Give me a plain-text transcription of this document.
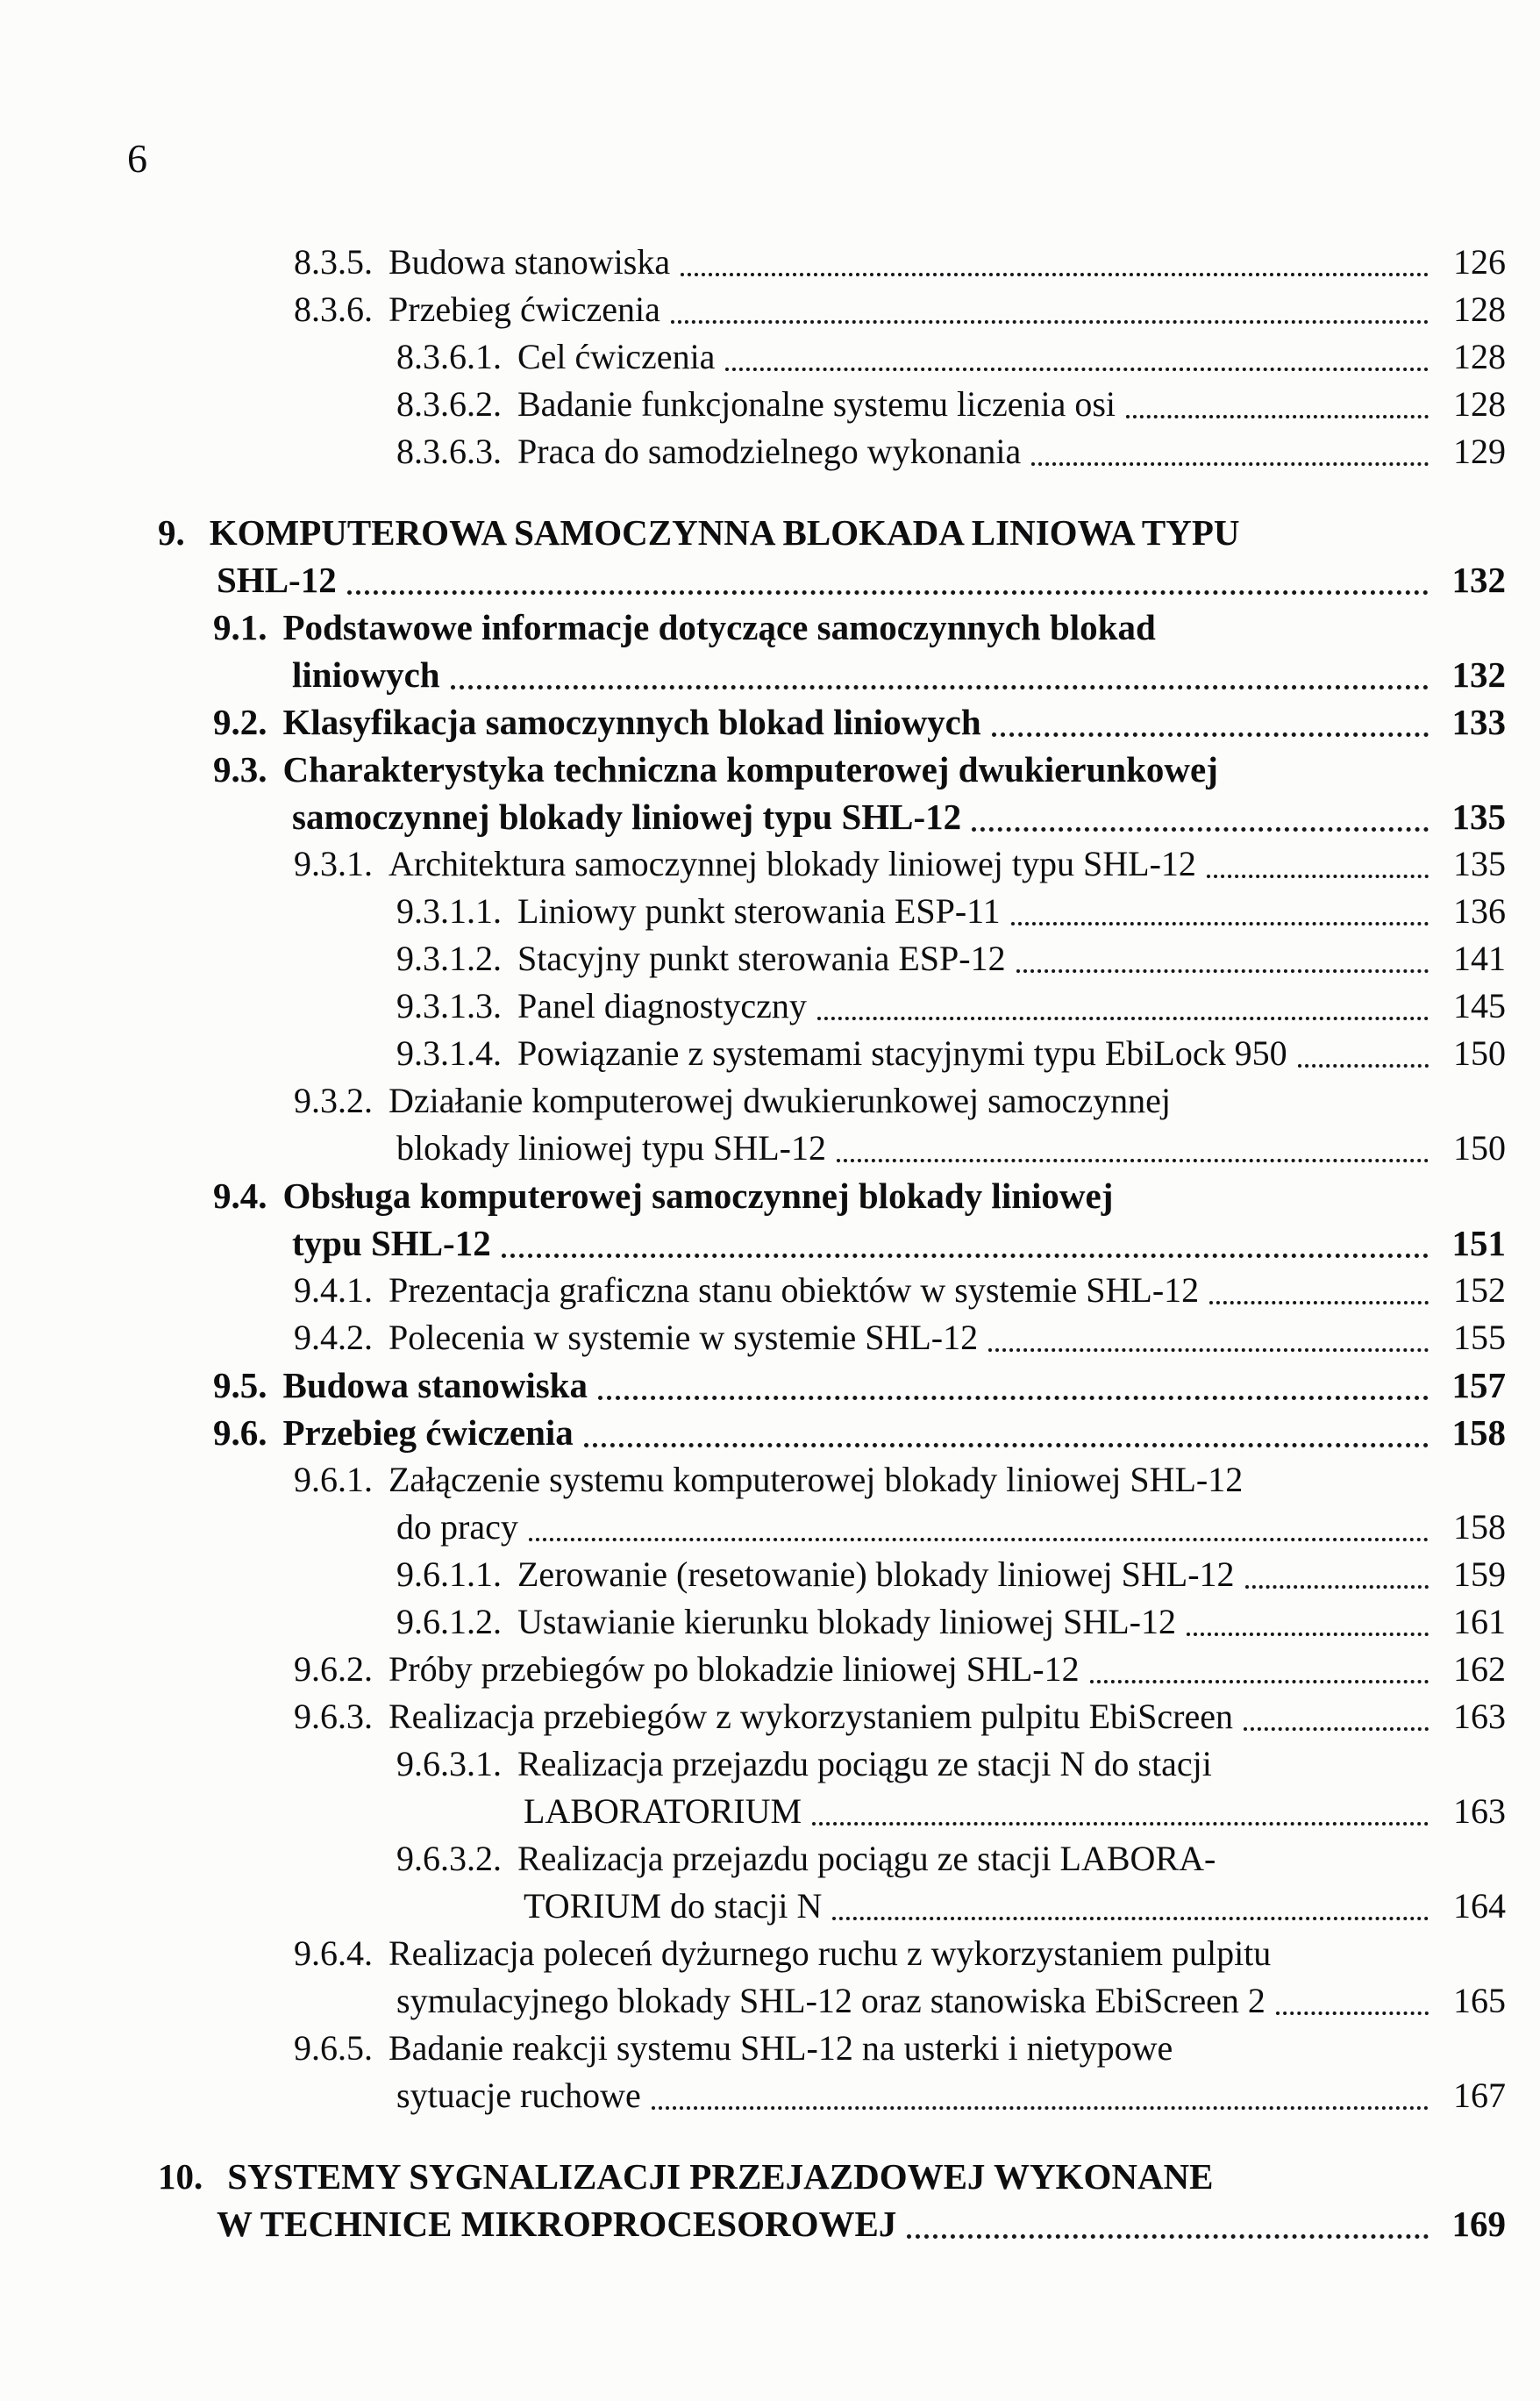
6
8.3.5. Budowa stanowiska	126
8.3.6. Przebieg ćwiczenia	128
8.3.6.1. Cel ćwiczenia	128
8.3.6.2. Badanie funkcjonalne systemu liczenia osi	128
8.3.6.3. Praca do samodzielnego wykonania	129
9. KOMPUTEROWA SAMOCZYNNA BLOKADA LINIOWA TYPU
SHL-12	132
9.1. Podstawowe informacje dotyczące samoczynnych blokad
liniowych	132
9.2. Klasyfikacja samoczynnych blokad liniowych	133
9.3. Charakterystyka techniczna komputerowej dwukierunkowej
samoczynnej blokady liniowej typu SHL-12	135
9.3.1. Architektura samoczynnej blokady liniowej typu SHL-12	135
9.3.1.1. Liniowy punkt sterowania ESP-11	136
9.3.1.2. Stacyjny punkt sterowania ESP-12	141
9.3.1.3. Panel diagnostyczny	145
9.3.1.4. Powiązanie z systemami stacyjnymi typu EbiLock 950	150
9.3.2. Działanie komputerowej dwukierunkowej samoczynnej
blokady liniowej typu SHL-12	150
9.4. Obsługa komputerowej samoczynnej blokady liniowej
typu SHL-12	151
9.4.1. Prezentacja graficzna stanu obiektów w systemie SHL-12	152
9.4.2. Polecenia w systemie w systemie SHL-12	155
9.5. Budowa stanowiska	157
9.6. Przebieg ćwiczenia	158
9.6.1. Załączenie systemu komputerowej blokady liniowej SHL-12
do pracy	158
9.6.1.1. Zerowanie (resetowanie) blokady liniowej SHL-12	159
9.6.1.2. Ustawianie kierunku blokady liniowej SHL-12	161
9.6.2. Próby przebiegów po blokadzie liniowej SHL-12	162
9.6.3. Realizacja przebiegów z wykorzystaniem pulpitu EbiScreen	163
9.6.3.1. Realizacja przejazdu pociągu ze stacji N do stacji
LABORATORIUM	163
9.6.3.2. Realizacja przejazdu pociągu ze stacji LABORA-
TORIUM do stacji N	164
9.6.4. Realizacja poleceń dyżurnego ruchu z wykorzystaniem pulpitu
symulacyjnego blokady SHL-12 oraz stanowiska EbiScreen 2	165
9.6.5. Badanie reakcji systemu SHL-12 na usterki i nietypowe
sytuacje ruchowe	167
10. SYSTEMY SYGNALIZACJI PRZEJAZDOWEJ WYKONANE
W TECHNICE MIKROPROCESOROWEJ	169
